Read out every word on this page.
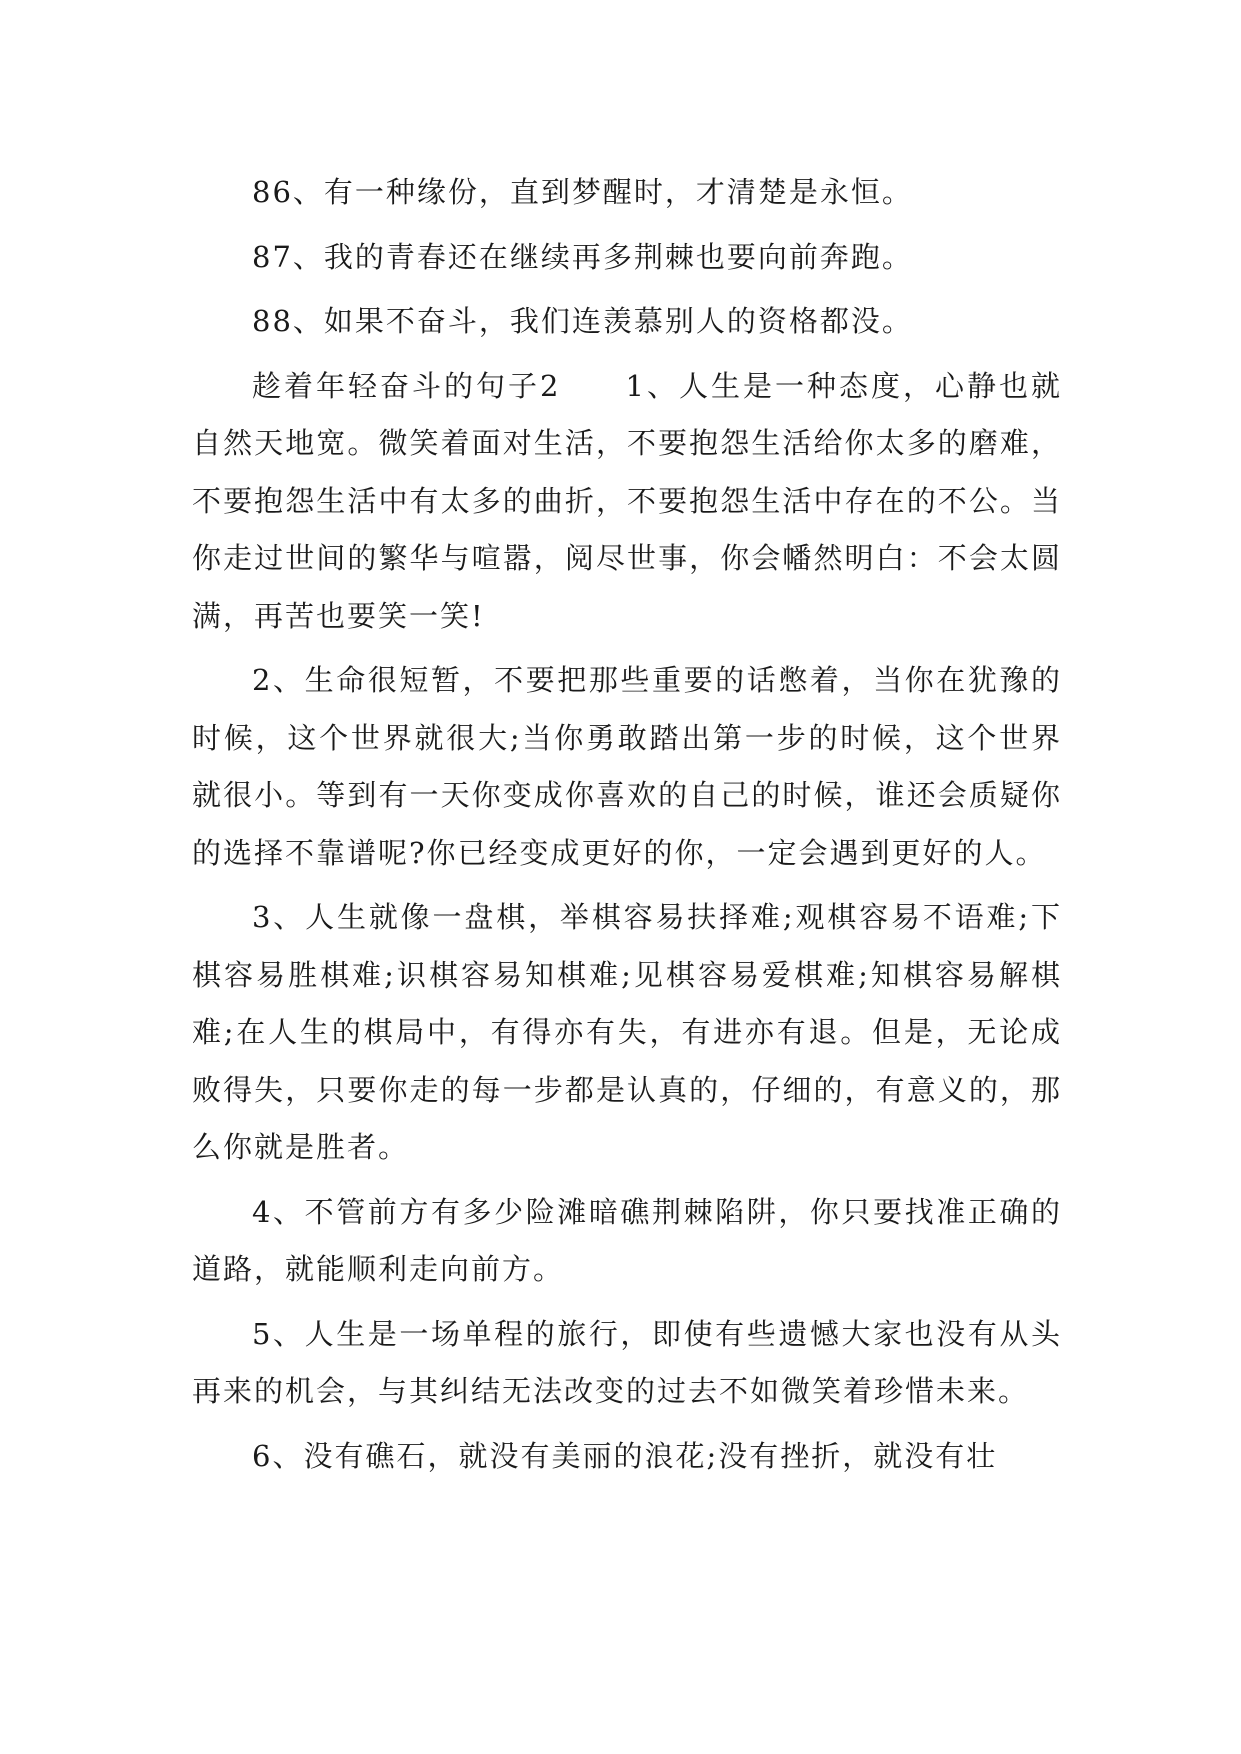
86、有一种缘份，直到梦醒时，才清楚是永恒。

87、我的青春还在继续再多荆棘也要向前奔跑。

88、如果不奋斗，我们连羡慕别人的资格都没。

趁着年轻奋斗的句子2　　1、人生是一种态度，心静也就自然天地宽。微笑着面对生活，不要抱怨生活给你太多的磨难，不要抱怨生活中有太多的曲折，不要抱怨生活中存在的不公。当你走过世间的繁华与喧嚣，阅尽世事，你会幡然明白：不会太圆满，再苦也要笑一笑!

2、生命很短暂，不要把那些重要的话憋着，当你在犹豫的时候，这个世界就很大;当你勇敢踏出第一步的时候，这个世界就很小。等到有一天你变成你喜欢的自己的时候，谁还会质疑你的选择不靠谱呢?你已经变成更好的你，一定会遇到更好的人。

3、人生就像一盘棋，举棋容易扶择难;观棋容易不语难;下棋容易胜棋难;识棋容易知棋难;见棋容易爱棋难;知棋容易解棋难;在人生的棋局中，有得亦有失，有进亦有退。但是，无论成败得失，只要你走的每一步都是认真的，仔细的，有意义的，那么你就是胜者。

4、不管前方有多少险滩暗礁荆棘陷阱，你只要找准正确的道路，就能顺利走向前方。

5、人生是一场单程的旅行，即使有些遗憾大家也没有从头再来的机会，与其纠结无法改变的过去不如微笑着珍惜未来。

6、没有礁石，就没有美丽的浪花;没有挫折，就没有壮
